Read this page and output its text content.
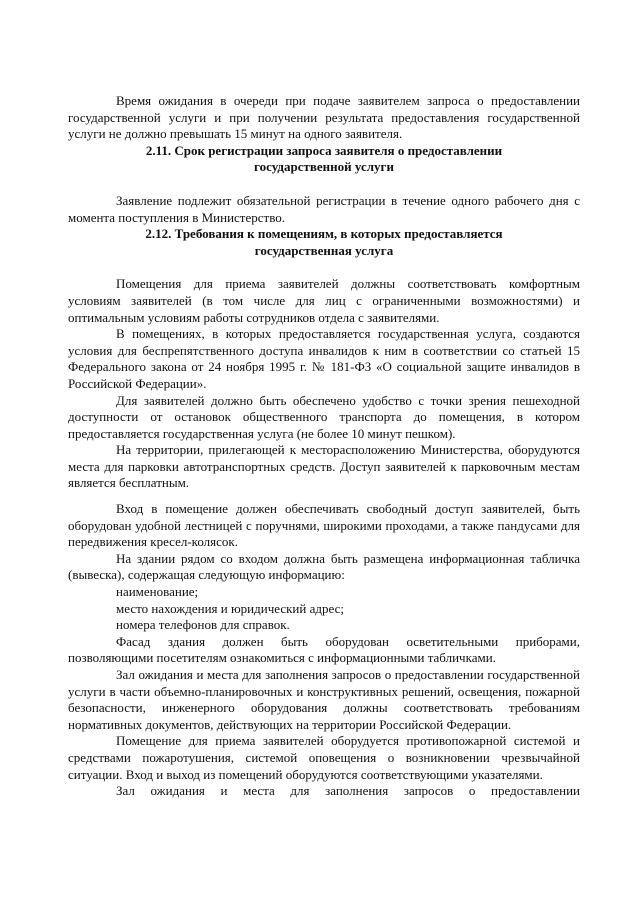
Время ожидания в очереди при подаче заявителем запроса о предоставлении государственной услуги и при получении результата предоставления государственной услуги не должно превышать 15 минут на одного заявителя.

2.11. Срок регистрации запроса заявителя о предоставлении государственной услуги

Заявление подлежит обязательной регистрации в течение одного рабочего дня с момента поступления в Министерство.

2.12. Требования к помещениям, в которых предоставляется государственная услуга

Помещения для приема заявителей должны соответствовать комфортным условиям заявителей (в том числе для лиц с ограниченными возможностями) и оптимальным условиям работы сотрудников отдела с заявителями.

В помещениях, в которых предоставляется государственная услуга, создаются условия для беспрепятственного доступа инвалидов к ним в соответствии со статьей 15 Федерального закона от 24 ноября 1995 г. № 181-ФЗ «О социальной защите инвалидов в Российской Федерации».

Для заявителей должно быть обеспечено удобство с точки зрения пешеходной доступности от остановок общественного транспорта до помещения, в котором предоставляется государственная услуга (не более 10 минут пешком).

На территории, прилегающей к месторасположению Министерства, оборудуются места для парковки автотранспортных средств. Доступ заявителей к парковочным местам является бесплатным.

Вход в помещение должен обеспечивать свободный доступ заявителей, быть оборудован удобной лестницей с поручнями, широкими проходами, а также пандусами для передвижения кресел-колясок.

На здании рядом со входом должна быть размещена информационная табличка (вывеска), содержащая следующую информацию:

наименование;

место нахождения и юридический адрес;

номера телефонов для справок.

Фасад здания должен быть оборудован осветительными приборами, позволяющими посетителям ознакомиться с информационными табличками.

Зал ожидания и места для заполнения запросов о предоставлении государственной услуги в части объемно-планировочных и конструктивных решений, освещения, пожарной безопасности, инженерного оборудования должны соответствовать требованиям нормативных документов, действующих на территории Российской Федерации.

Помещение для приема заявителей оборудуется противопожарной системой и средствами пожаротушения, системой оповещения о возникновении чрезвычайной ситуации. Вход и выход из помещений оборудуются соответствующими указателями.

Зал ожидания и места для заполнения запросов о предоставлении
